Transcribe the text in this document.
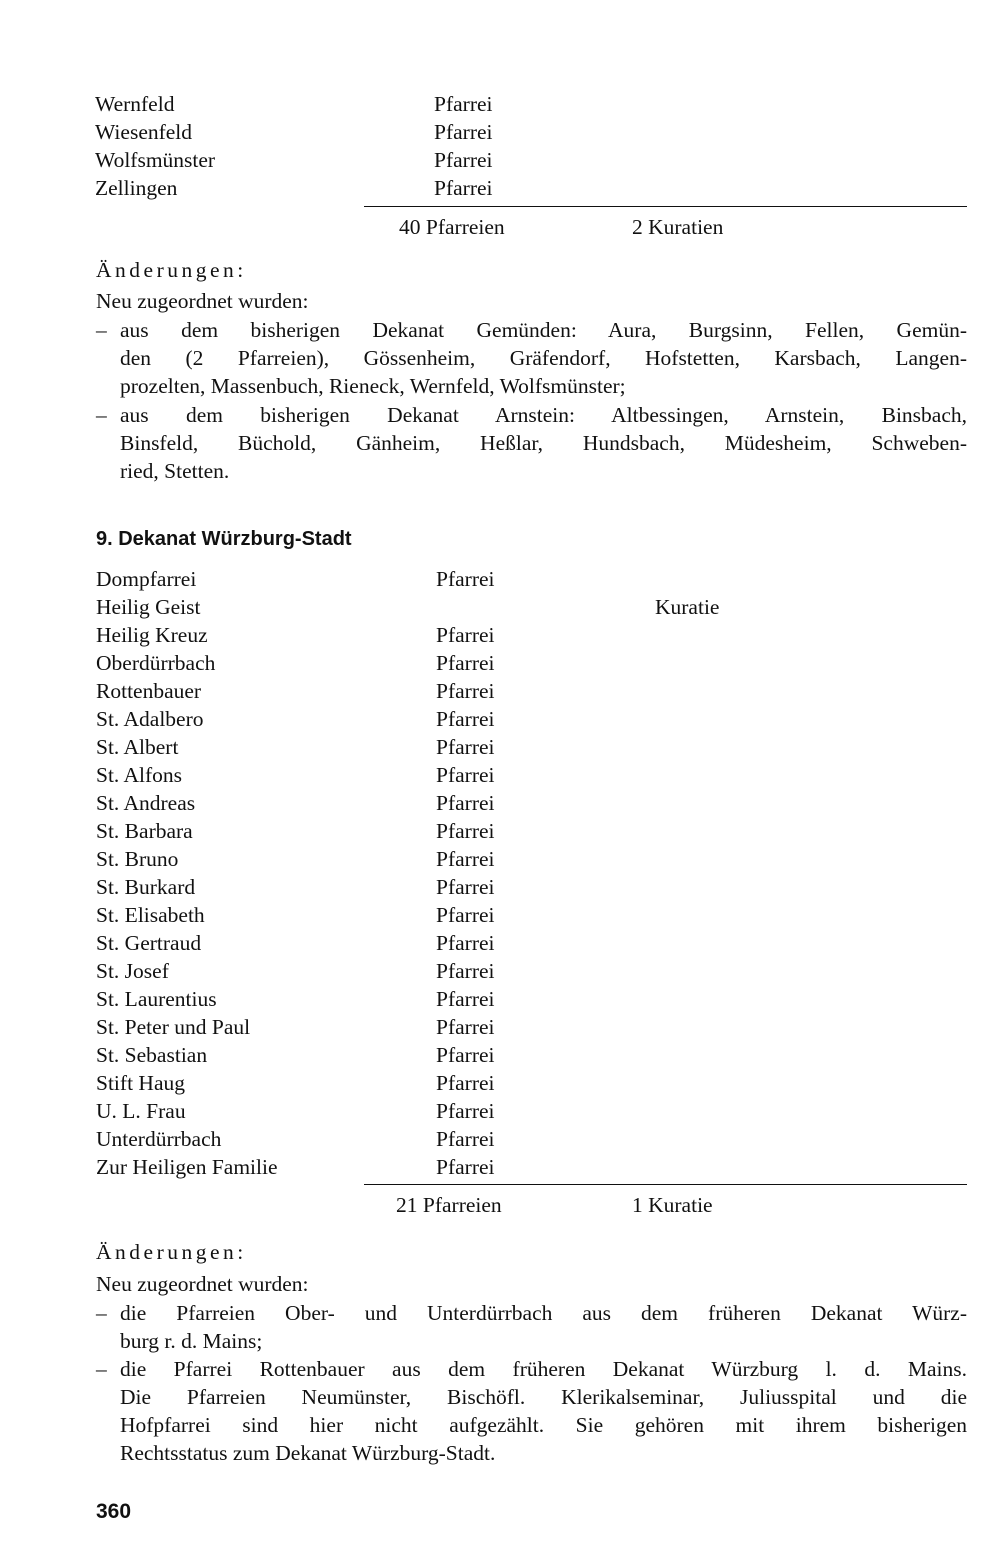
Wernfeld	Pfarrei
Wiesenfeld	Pfarrei
Wolfsmünster	Pfarrei
Zellingen	Pfarrei
40 Pfarreien	2 Kuratien
Änderungen:
Neu zugeordnet wurden:
– aus dem bisherigen Dekanat Gemünden: Aura, Burgsinn, Fellen, Gemün-
den (2 Pfarreien), Gössenheim, Gräfendorf, Hofstetten, Karsbach, Langen-
prozelten, Massenbuch, Rieneck, Wernfeld, Wolfsmünster;
– aus dem bisherigen Dekanat Arnstein: Altbessingen, Arnstein, Binsbach,
Binsfeld, Büchold, Gänheim, Heßlar, Hundsbach, Müdesheim, Schweben-
ried, Stetten.
9. Dekanat Würzburg-Stadt
Dompfarrei	Pfarrei
Heilig Geist	Kuratie
Heilig Kreuz	Pfarrei
Oberdürrbach	Pfarrei
Rottenbauer	Pfarrei
St. Adalbero	Pfarrei
St. Albert	Pfarrei
St. Alfons	Pfarrei
St. Andreas	Pfarrei
St. Barbara	Pfarrei
St. Bruno	Pfarrei
St. Burkard	Pfarrei
St. Elisabeth	Pfarrei
St. Gertraud	Pfarrei
St. Josef	Pfarrei
St. Laurentius	Pfarrei
St. Peter und Paul	Pfarrei
St. Sebastian	Pfarrei
Stift Haug	Pfarrei
U. L. Frau	Pfarrei
Unterdürrbach	Pfarrei
Zur Heiligen Familie	Pfarrei
21 Pfarreien	1 Kuratie
Änderungen:
Neu zugeordnet wurden:
– die Pfarreien Ober- und Unterdürrbach aus dem früheren Dekanat Würz-
burg r. d. Mains;
– die Pfarrei Rottenbauer aus dem früheren Dekanat Würzburg l. d. Mains.
Die Pfarreien Neumünster, Bischöfl. Klerikalseminar, Juliusspital und die
Hofpfarrei sind hier nicht aufgezählt. Sie gehören mit ihrem bisherigen
Rechtsstatus zum Dekanat Würzburg-Stadt.
360
